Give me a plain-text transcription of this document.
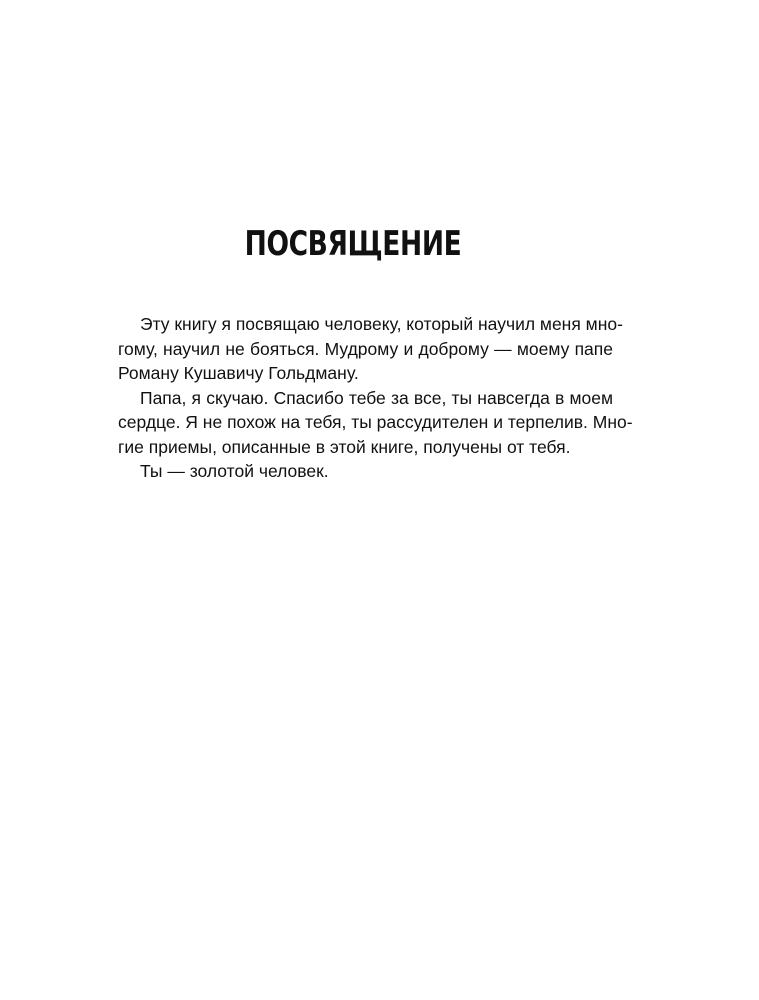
ПОСВЯЩЕНИЕ
Эту книгу я посвящаю человеку, который научил меня мно-
гому, научил не бояться. Мудрому и доброму — моему папе
Роману Кушавичу Гольдману.
Папа, я скучаю. Спасибо тебе за все, ты навсегда в моем
сердце. Я не похож на тебя, ты рассудителен и терпелив. Мно-
гие приемы, описанные в этой книге, получены от тебя.
Ты — золотой человек.
